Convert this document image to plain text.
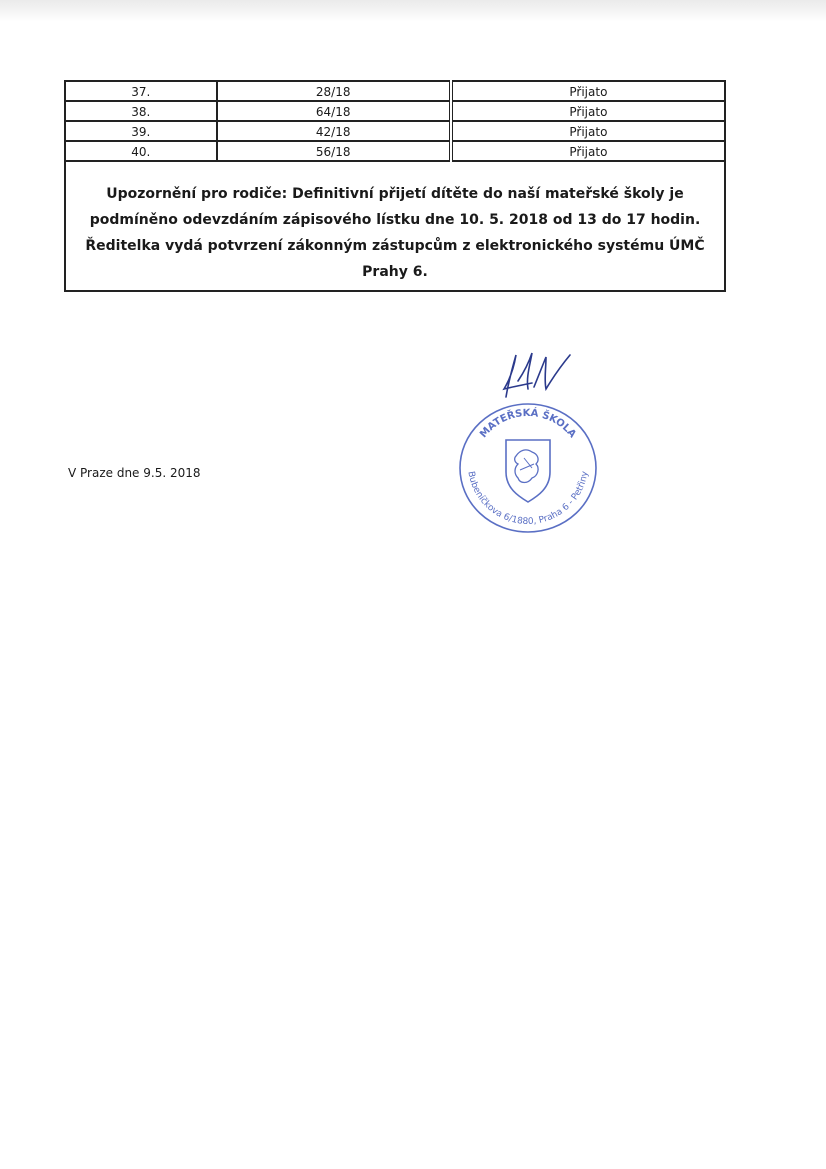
37.	28/18	Přijato
38.	64/18	Přijato
39.	42/18	Přijato
40.	56/18	Přijato

Upozornění pro rodiče: Definitivní přijetí dítěte do naší mateřské školy je podmíněno odevzdáním zápisového lístku dne 10. 5. 2018 od 13 do 17 hodin. Ředitelka vydá potvrzení zákonným zástupcům z elektronického systému ÚMČ Prahy 6.		

MATEŘSKÁ ŠKOLA
Bubeníčkova 6/1880, Praha 6 - Petřiny
V Praze dne 9.5. 2018
